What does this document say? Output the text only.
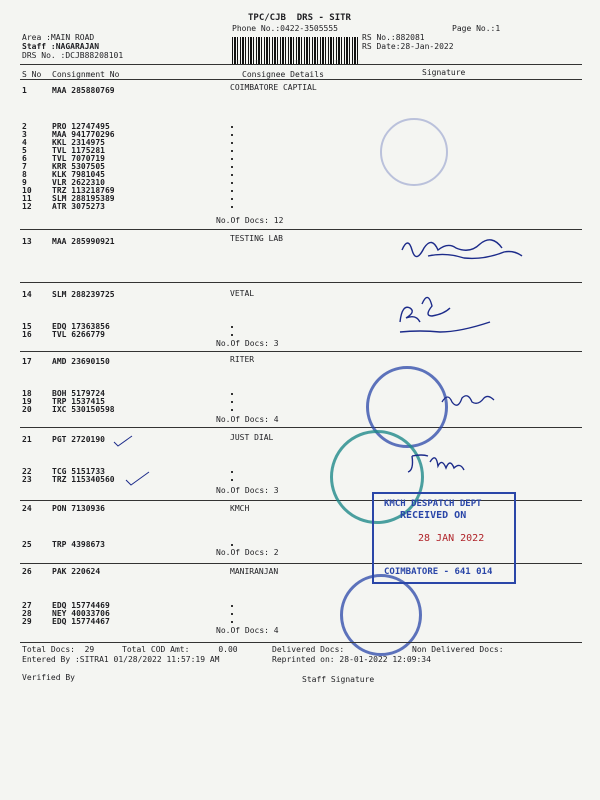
TPC/CJB  DRS - SITR
Phone No.:0422-3505555	Page No.:1
Area :MAIN ROAD
Staff :NAGARAJAN
DRS No. :DCJB88208101
RS No.:882081
RS Date:28-Jan-2022
S No Consignment No	Consignee Details	Signature
COIMBATORE CAPTIAL
1	MAA 285880769
2	PRO 12747495
3	MAA 941770296
4	KKL 2314975
5	TVL 1175281
6	TVL 7070719
7	KRR 5307505
8	KLK 7981045
9	VLR 2622310
10	TRZ 113218769
11	SLM 288195389
12	ATR 3075273
No.Of Docs: 12
TESTING LAB
13	MAA 285990921
VETAL
14	SLM 288239725
15	EDQ 17363856
16	TVL 6266779
No.Of Docs: 3
RITER
17	AMD 23690150
18	BOH 5179724
19	TRP 1537415
20	IXC 530150598
No.Of Docs: 4
JUST DIAL
21	PGT 2720190
22	TCG 5151733
23	TRZ 115340560
No.Of Docs: 3
KMCH
24	PON 7130936
25	TRP 4398673
No.Of Docs: 2
MANIRANJAN
26	PAK 220624
27	EDQ 15774469
28	NEY 40033706
29	EDQ 15774467
No.Of Docs: 4

KMCH DESPATCH DEPT

RECEIVED ON

28 JAN 2022

COIMBATORE - 641 014

Total Docs:  29	Total COD Amt:      0.00	Delivered Docs:	Non Delivered Docs:
Entered By :SITRA1 01/28/2022 11:57:19 AM	Reprinted on: 28-01-2022 12:09:34
Verified By	Staff Signature
